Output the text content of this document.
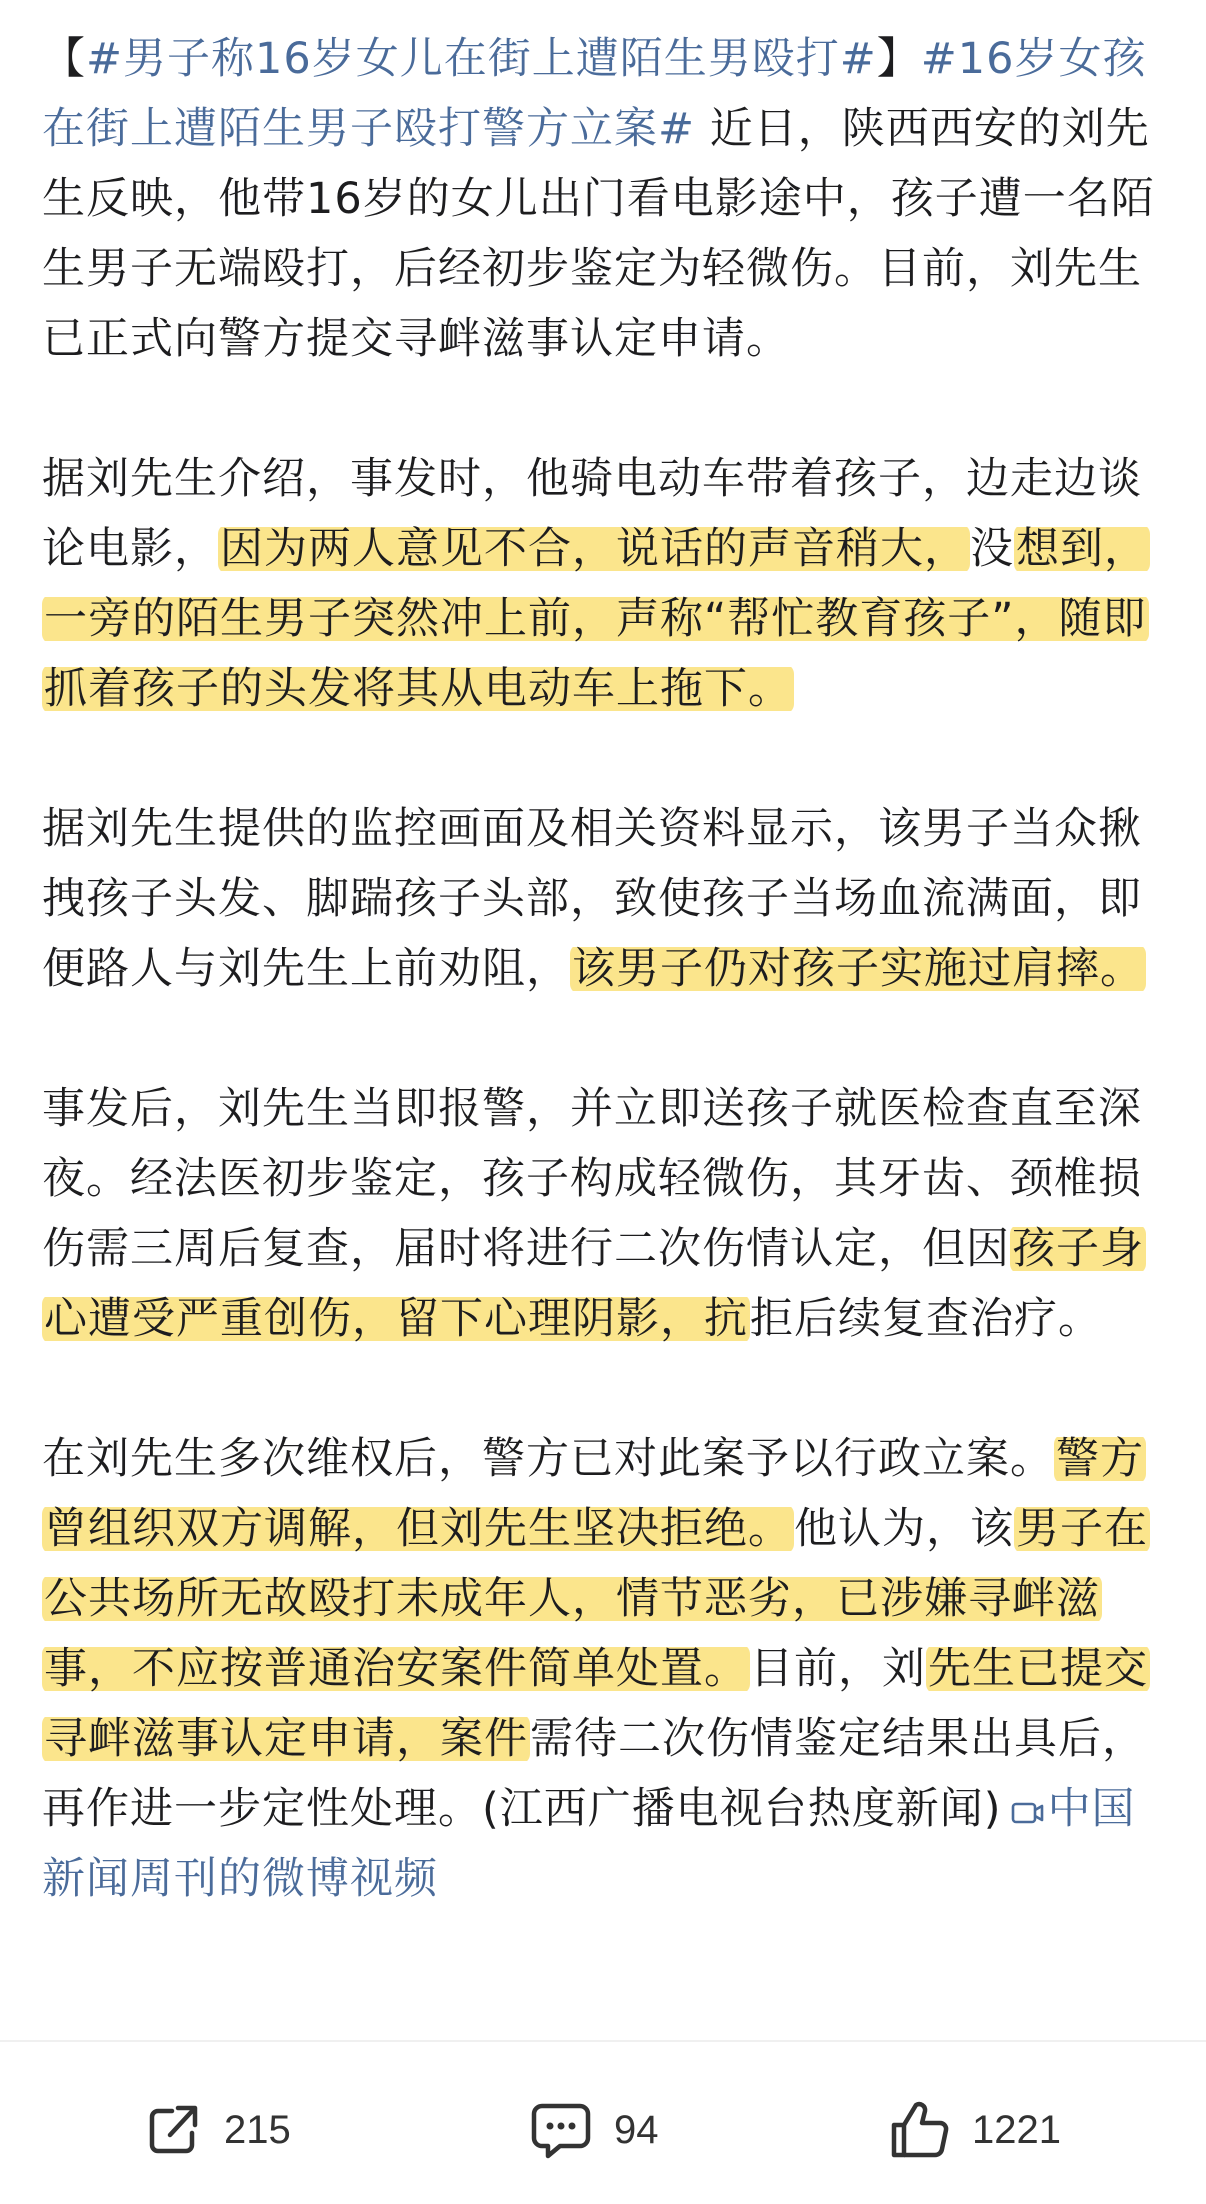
【#男子称16岁女儿在街上遭陌生男殴打#】#16岁女孩在街上遭陌生男子殴打警方立案# 近日，陕西西安的刘先生反映，他带16岁的女儿出门看电影途中，孩子遭一名陌生男子无端殴打，后经初步鉴定为轻微伤。目前，刘先生已正式向警方提交寻衅滋事认定申请。

据刘先生介绍，事发时，他骑电动车带着孩子，边走边谈论电影，因为两人意见不合，说话的声音稍大，没想到，一旁的陌生男子突然冲上前，声称“帮忙教育孩子”，随即抓着孩子的头发将其从电动车上拖下。

据刘先生提供的监控画面及相关资料显示，该男子当众揪拽孩子头发、脚踹孩子头部，致使孩子当场血流满面，即便路人与刘先生上前劝阻，该男子仍对孩子实施过肩摔。

事发后，刘先生当即报警，并立即送孩子就医检查直至深夜。经法医初步鉴定，孩子构成轻微伤，其牙齿、颈椎损伤需三周后复查，届时将进行二次伤情认定，但因孩子身心遭受严重创伤，留下心理阴影，抗拒后续复查治疗。

在刘先生多次维权后，警方已对此案予以行政立案。警方曾组织双方调解，但刘先生坚决拒绝。他认为，该男子在公共场所无故殴打未成年人，情节恶劣，已涉嫌寻衅滋事，不应按普通治安案件简单处置。目前，刘先生已提交寻衅滋事认定申请，案件需待二次伤情鉴定结果出具后，再作进一步定性处理。(江西广播电视台热度新闻) 中国新闻周刊的微博视频

215	94	1221
